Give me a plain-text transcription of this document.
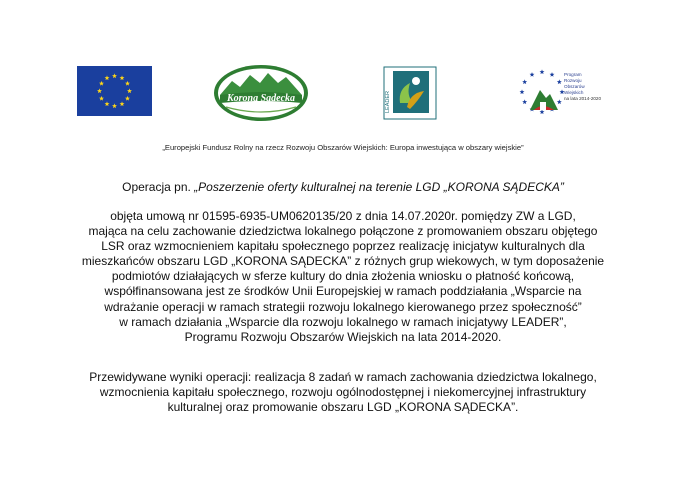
Korona Sądecka	LEADER
Program
Rozwoju
Obszarów
Wiejskich
na lata 2014-2020
„Europejski Fundusz Rolny na rzecz Rozwoju Obszarów Wiejskich: Europa inwestująca w obszary wiejskie”
Operacja pn. „Poszerzenie oferty kulturalnej na terenie LGD „KORONA SĄDECKA”
objęta umową nr 01595-6935-UM0620135/20 z dnia 14.07.2020r. pomiędzy ZW a LGD,
mająca na celu zachowanie dziedzictwa lokalnego połączone z promowaniem obszaru objętego
LSR oraz wzmocnieniem kapitału społecznego poprzez realizację inicjatyw kulturalnych dla
mieszkańców obszaru LGD „KORONA SĄDECKA” z różnych grup wiekowych, w tym doposażenie
podmiotów działających w sferze kultury do dnia złożenia wniosku o płatność końcową,
współfinansowana jest ze środków Unii Europejskiej w ramach poddziałania „Wsparcie na
wdrażanie operacji w ramach strategii rozwoju lokalnego kierowanego przez społeczność”
w ramach działania „Wsparcie dla rozwoju lokalnego w ramach inicjatywy LEADER”,
Programu Rozwoju Obszarów Wiejskich na lata 2014-2020.
Przewidywane wyniki operacji: realizacja 8 zadań w ramach zachowania dziedzictwa lokalnego,
wzmocnienia kapitału społecznego, rozwoju ogólnodostępnej i niekomercyjnej infrastruktury
kulturalnej oraz promowanie obszaru LGD „KORONA SĄDECKA”.
